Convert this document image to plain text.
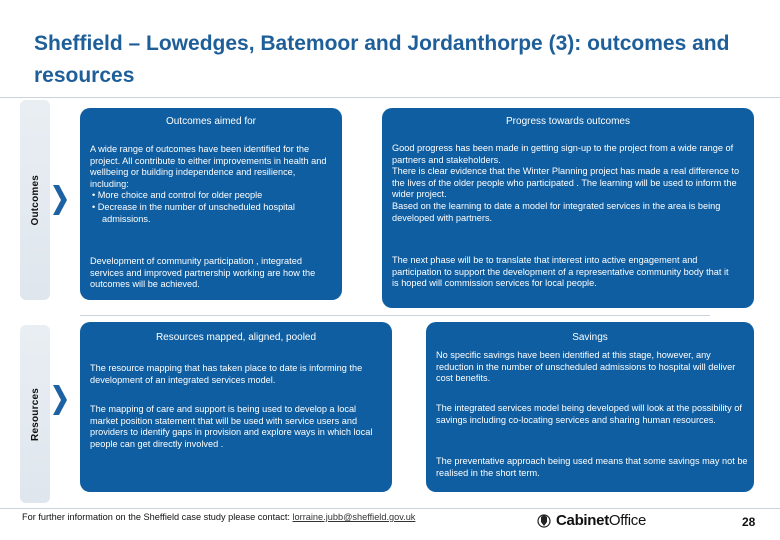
Sheffield – Lowedges, Batemoor and Jordanthorpe (3): outcomes and resources
Outcomes
Resources
Outcomes aimed for
A wide range of outcomes have been identified for the project. All contribute to either improvements in health and wellbeing or building independence and resilience, including:
• More choice and control for older people
• Decrease in the number of unscheduled hospital admissions.
Development of community participation , integrated services and improved partnership working are how the outcomes will be achieved.
Progress towards outcomes
Good progress has been made in getting sign-up to the project from a wide range of partners and stakeholders.
There is clear evidence that the Winter Planning project has made a real difference to the lives of the older people who participated . The learning will be used to inform the wider project.
Based on the learning to date a model for integrated services in the area is being developed with partners.
The next phase will be to translate that interest into active engagement and participation to support the development of a representative community body that it is hoped will commission services for local people.
Resources mapped, aligned, pooled
The resource mapping that has taken place to date is informing the development of an integrated services model.
The mapping of care and support is being used to develop a local market position statement that will be used with service users and providers to identify gaps in provision and explore ways in which local people can get directly involved .
Savings
No specific savings have been identified at this stage, however, any reduction in the number of unscheduled admissions to hospital will deliver cost benefits.
The integrated services model being developed will look at the possibility of savings including co-locating services and sharing human resources.
The preventative approach being used means that some savings may not be realised in the short term.
For further information on the Sheffield case study please contact: lorraine.jubb@sheffield.gov.uk	CabinetOffice	28
